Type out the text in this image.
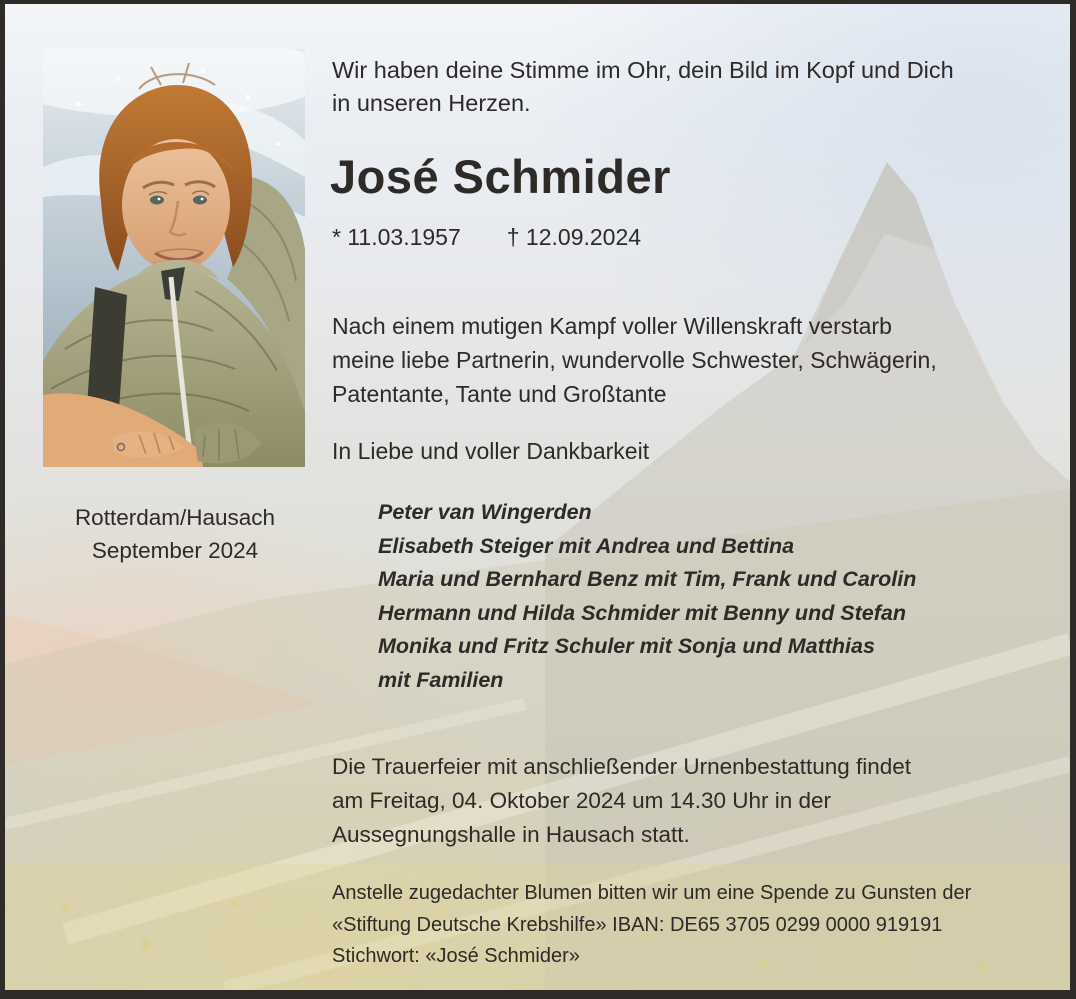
Wir haben deine Stimme im Ohr, dein Bild im Kopf und Dich
in unseren Herzen.
José Schmider
* 11.03.1957 † 12.09.2024
Nach einem mutigen Kampf voller Willenskraft verstarb
meine liebe Partnerin, wundervolle Schwester, Schwägerin,
Patentante, Tante und Großtante
In Liebe und voller Dankbarkeit
Rotterdam/Hausach
September 2024
Peter van Wingerden
Elisabeth Steiger mit Andrea und Bettina
Maria und Bernhard Benz mit Tim, Frank und Carolin
Hermann und Hilda Schmider mit Benny und Stefan
Monika und Fritz Schuler mit Sonja und Matthias
mit Familien
Die Trauerfeier mit anschließender Urnenbestattung findet
am Freitag, 04. Oktober 2024 um 14.30 Uhr in der
Aussegnungshalle in Hausach statt.
Anstelle zugedachter Blumen bitten wir um eine Spende zu Gunsten der
«Stiftung Deutsche Krebshilfe» IBAN: DE65 3705 0299 0000 919191
Stichwort: «José Schmider»
